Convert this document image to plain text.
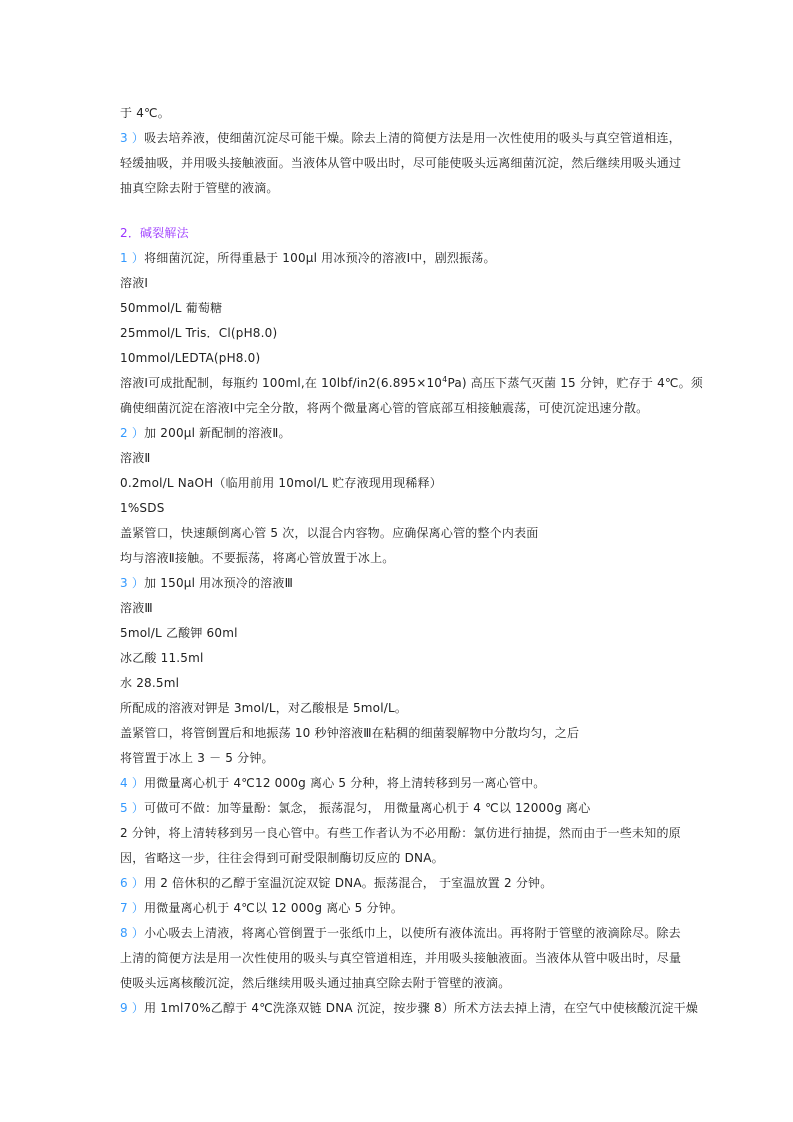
于 4℃。
3 ）吸去培养液，使细菌沉淀尽可能干燥。除去上清的简便方法是用一次性使用的吸头与真空管道相连，
轻缓抽吸，并用吸头接触液面。当液体从管中吸出时，尽可能使吸头远离细菌沉淀，然后继续用吸头通过
抽真空除去附于管壁的液滴。
2．碱裂解法
1 ）将细菌沉淀，所得重悬于 100μl 用冰预冷的溶液Ⅰ中，剧烈振荡。
溶液Ⅰ
50mmol/L 葡萄糖
25mmol/L Tris．Cl(pH8.0)
10mmol/LEDTA(pH8.0)
溶液Ⅰ可成批配制，每瓶约 100ml,在 $10lbf/in2(6.895\times 10^4Pa)$ 高压下蒸气灭菌 15 分钟，贮存于 4℃。须
确使细菌沉淀在溶液Ⅰ中完全分散，将两个微量离心管的管底部互相接触震荡，可使沉淀迅速分散。
2 ）加 200μl 新配制的溶液Ⅱ。
溶液Ⅱ
0.2mol/L NaOH（临用前用 10mol/L 贮存液现用现稀释）
1%SDS
盖紧管口，快速颠倒离心管 5 次，以混合内容物。应确保离心管的整个内表面
均与溶液Ⅱ接触。不要振荡，将离心管放置于冰上。
3 ）加 150μl 用冰预冷的溶液Ⅲ
溶液Ⅲ
5mol/L 乙酸钾 60ml
冰乙酸 11.5ml
水 28.5ml
所配成的溶液对钾是 3mol/L，对乙酸根是 5mol/L。
盖紧管口，将管倒置后和地振荡 10 秒钟溶液Ⅲ在粘稠的细菌裂解物中分散均匀，之后
将管置于冰上 3 － 5 分钟。
4 ）用微量离心机于 4℃12 000g 离心 5 分种，将上清转移到另一离心管中。
5 ）可做可不做：加等量酚：氯念， 振荡混匀， 用微量离心机于 4 ℃以 12000g 离心
2 分钟，将上清转移到另一良心管中。有些工作者认为不必用酚：氯仿进行抽提，然而由于一些未知的原
因，省略这一步，往往会得到可耐受限制酶切反应的 DNA。
6 ）用 2 倍休积的乙醇于室温沉淀双锭 DNA。振荡混合， 于室温放置 2 分钟。
7 ）用微量离心机于 4℃以 12 000g 离心 5 分钟。
8 ）小心吸去上清液，将离心管倒置于一张纸巾上，以使所有液体流出。再将附于管壁的液滴除尽。除去
上清的简便方法是用一次性使用的吸头与真空管道相连，并用吸头接触液面。当液体从管中吸出时，尽量
使吸头远离核酸沉淀，然后继续用吸头通过抽真空除去附于管壁的液滴。
9 ）用 1ml70%乙醇于 4℃洗涤双链 DNA 沉淀，按步骤 8）所术方法去掉上清，在空气中使核酸沉淀干燥
